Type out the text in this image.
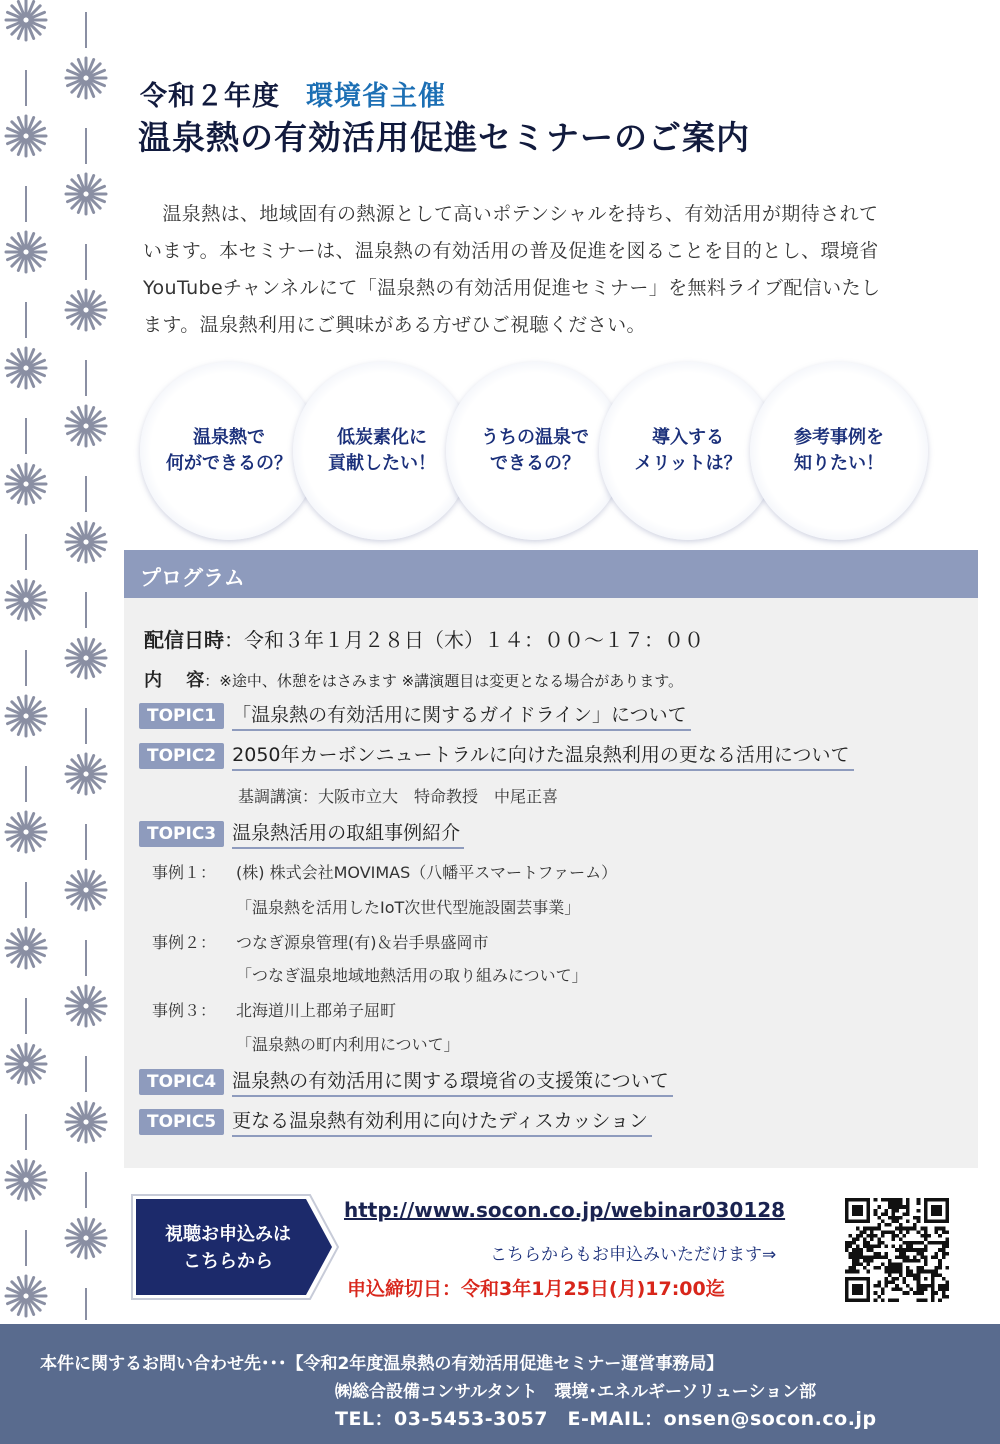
令和２年度 環境省主催
温泉熱の有効活用促進セミナーのご案内

　温泉熱は、地域固有の熱源として高いポテンシャルを持ち、有効活用が期待されて

います。本セミナーは、温泉熱の有効活用の普及促進を図ることを目的とし、環境省

YouTubeチャンネルにて「温泉熱の有効活用促進セミナー」を無料ライブ配信いたし

ます。温泉熱利用にご興味がある方ぜひご視聴ください。

温泉熱で
何ができるの？
低炭素化に
貢献したい！
うちの温泉で
できるの？
導入する
メリットは？
参考事例を
知りたい！
プログラム
配信日時：令和３年１月２８日（木）１４：００～１７：００
内　 容：※途中、休憩をはさみます ※講演題目は変更となる場合があります。
TOPIC1 「温泉熱の有効活用に関するガイドライン」について
TOPIC2 2050年カーボンニュートラルに向けた温泉熱利用の更なる活用について
基調講演：大阪市立大　特命教授　中尾正喜
TOPIC3 温泉熱活用の取組事例紹介
事例１： (株) 株式会社MOVIMAS（八幡平スマートファーム）
「温泉熱を活用したIoT次世代型施設園芸事業」
事例２： つなぎ源泉管理(有)＆岩手県盛岡市
「つなぎ温泉地域地熱活用の取り組みについて」
事例３： 北海道川上郡弟子屈町
「温泉熱の町内利用について」
TOPIC4 温泉熱の有効活用に関する環境省の支援策について
TOPIC5 更なる温泉熱有効利用に向けたディスカッション
視聴お申込みは
こちらから
http://www.socon.co.jp/webinar030128
こちらからもお申込みいただけます⇒
申込締切日：令和3年1月25日(月)17:00迄
本件に関するお問い合わせ先･･･【令和2年度温泉熱の有効活用促進セミナー運営事務局】
㈱総合設備コンサルタント　環境･エネルギーソリューション部
TEL：03-5453-3057　E-MAIL：onsen@socon.co.jp
